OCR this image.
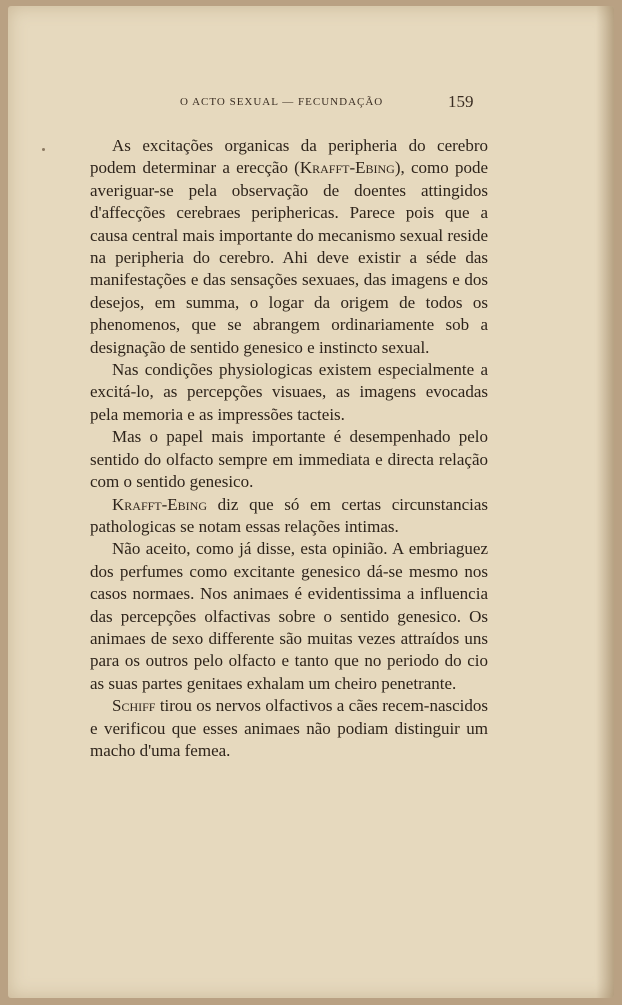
O ACTO SEXUAL — FECUNDAÇÃO	159

As excitações organicas da peripheria do cerebro podem determinar a erecção (Krafft-Ebing), como pode averiguar-se pela observação de doentes attingidos d'affecções cerebraes periphericas. Parece pois que a causa central mais importante do mecanismo sexual reside na peripheria do cerebro. Ahi deve existir a séde das manifestações e das sensações sexuaes, das imagens e dos desejos, em summa, o logar da origem de todos os phenomenos, que se abrangem ordinariamente sob a designação de sentido genesico e instincto sexual.

Nas condições physiologicas existem especialmente a excitá-lo, as percepções visuaes, as imagens evocadas pela memoria e as impressões tacteis.

Mas o papel mais importante é desempenhado pelo sentido do olfacto sempre em immediata e directa relação com o sentido genesico.

Krafft-Ebing diz que só em certas circunstancias pathologicas se notam essas relações intimas.

Não aceito, como já disse, esta opinião. A embriaguez dos perfumes como excitante genesico dá-se mesmo nos casos normaes. Nos animaes é evidentissima a influencia das percepções olfactivas sobre o sentido genesico. Os animaes de sexo differente são muitas vezes attraídos uns para os outros pelo olfacto e tanto que no periodo do cio as suas partes genitaes exhalam um cheiro penetrante.

Schiff tirou os nervos olfactivos a cães recem-nascidos e verificou que esses animaes não podiam distinguir um macho d'uma femea.
